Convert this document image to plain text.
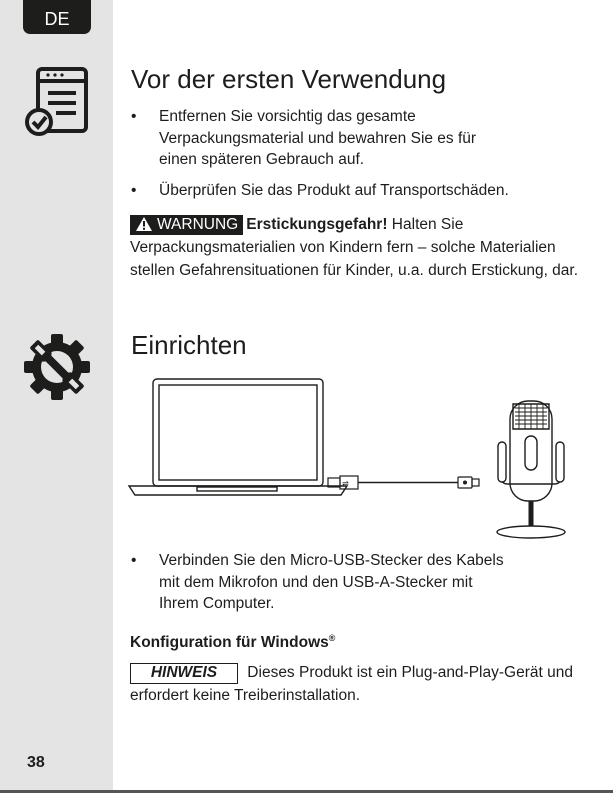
DE
38
Vor der ersten Verwendung
• Entfernen Sie vorsichtig das gesamte
Verpackungsmaterial und bewahren Sie es für
einen späteren Gebrauch auf.
• Überprüfen Sie das Produkt auf Transportschäden.
WARNUNG Erstickungsgefahr! Halten Sie Verpackungsmaterialien von Kindern fern – solche Materialien stellen Gefahrensituationen für Kinder, u.a. durch Erstickung, dar.
Einrichten
⇌
• Verbinden Sie den Micro-USB-Stecker des Kabels
mit dem Mikrofon und den USB-A-Stecker mit
Ihrem Computer.
Konfiguration für Windows®
HINWEIS Dieses Produkt ist ein Plug-and-Play-Gerät und erfordert keine Treiberinstallation.
